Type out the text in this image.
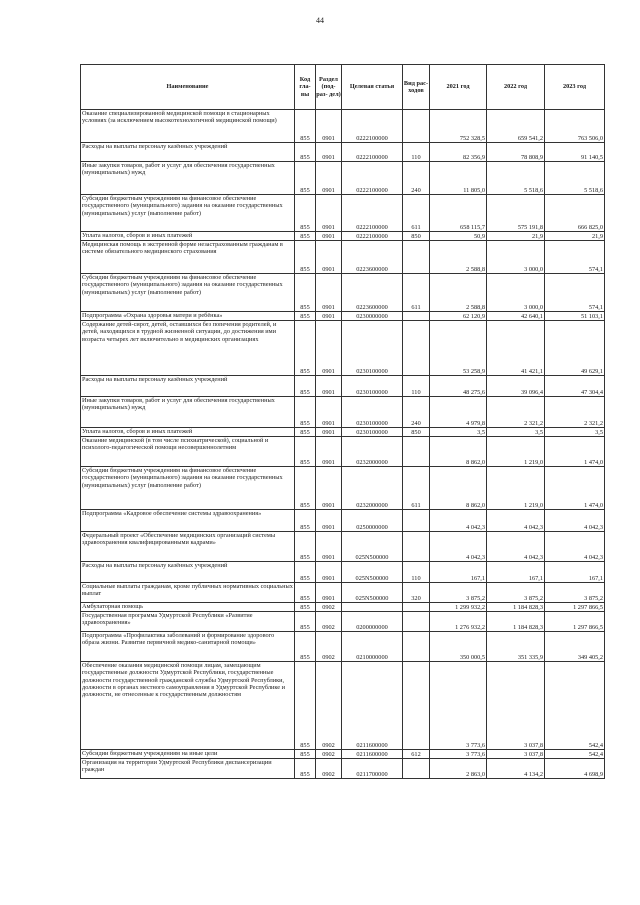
44
Наименование	Код гла- вы	Раздел (под- раз- дел)	Целевая статья	Вид рас- ходов	2021 год	2022 год	2023 год
Оказание специализированной медицинской помощи в стационарных условиях (за исключением высокотехнологичной медицинской помощи)	855	0901	0222100000		752 328,5	659 541,2	763 506,0
Расходы на выплаты персоналу казённых учреждений	855	0901	0222100000	110	82 356,9	78 808,9	91 140,5
Иные закупки товаров, работ и услуг для обеспечения государственных (муниципальных) нужд	855	0901	0222100000	240	11 805,0	5 518,6	5 518,6
Субсидии бюджетным учреждениям на финансовое обеспечение государственного (муниципального) задания на оказание государственных (муниципальных) услуг (выполнение работ)	855	0901	0222100000	611	658 115,7	575 191,8	666 825,0
Уплата налогов, сборов и иных платежей	855	0901	0222100000	850	50,9	21,9	21,9
Медицинская помощь в экстренной форме незастрахованным гражданам в системе обязательного медицинского страхования	855	0901	0223600000		2 588,8	3 000,0	574,1
Субсидии бюджетным учреждениям на финансовое обеспечение государственного (муниципального) задания на оказание государственных (муниципальных) услуг (выполнение работ)	855	0901	0223600000	611	2 588,8	3 000,0	574,1
Подпрограмма «Охрана здоровья матери и ребёнка»	855	0901	0230000000		62 120,9	42 640,1	51 103,1
Содержание детей-сирот, детей, оставшихся без попечения родителей, и детей, находящихся в трудной жизненной ситуации, до достижения ими возраста четырех лет включительно в медицинских организациях	855	0901	0230100000		53 258,9	41 421,1	49 629,1
Расходы на выплаты персоналу казённых учреждений	855	0901	0230100000	110	48 275,6	39 096,4	47 304,4
Иные закупки товаров, работ и услуг для обеспечения государственных (муниципальных) нужд	855	0901	0230100000	240	4 979,8	2 321,2	2 321,2
Уплата налогов, сборов и иных платежей	855	0901	0230100000	850	3,5	3,5	3,5
Оказание медицинской (в том числе психиатрической), социальной и психолого-педагогической помощи несовершеннолетним	855	0901	0232000000		8 862,0	1 219,0	1 474,0
Субсидии бюджетным учреждениям на финансовое обеспечение государственного (муниципального) задания на оказание государственных (муниципальных) услуг (выполнение работ)	855	0901	0232000000	611	8 862,0	1 219,0	1 474,0
Подпрограмма «Кадровое обеспечение системы здравоохранения»	855	0901	0250000000		4 042,3	4 042,3	4 042,3
Федеральный проект «Обеспечение медицинских организаций системы здравоохранения квалифицированными кадрами»	855	0901	025N500000		4 042,3	4 042,3	4 042,3
Расходы на выплаты персоналу казённых учреждений	855	0901	025N500000	110	167,1	167,1	167,1
Социальные выплаты гражданам, кроме публичных нормативных социальных выплат	855	0901	025N500000	320	3 875,2	3 875,2	3 875,2
Амбулаторная помощь	855	0902			1 299 932,2	1 184 828,3	1 297 866,5
Государственная программа Удмуртской Республики «Развитие здравоохранения»	855	0902	0200000000		1 276 932,2	1 184 828,3	1 297 866,5
Подпрограмма «Профилактика заболеваний и формирование здорового образа жизни. Развитие первичной медико-санитарной помощи»	855	0902	0210000000		350 000,5	351 335,9	349 405,2
Обеспечение оказания медицинской помощи лицам, замещающим государственные должности Удмуртской Республики, государственные должности государственной гражданской службы Удмуртской Республики, должности в органах местного самоуправления в Удмуртской Республике и должности, не отнесенные к государственным должностям	855	0902	0211600000		3 773,6	3 037,8	542,4
Субсидии бюджетным учреждениям на иные цели	855	0902	0211600000	612	3 773,6	3 037,8	542,4
Организация на территории Удмуртской Республики диспансеризации граждан	855	0902	0211700000		2 863,0	4 134,2	4 698,9
